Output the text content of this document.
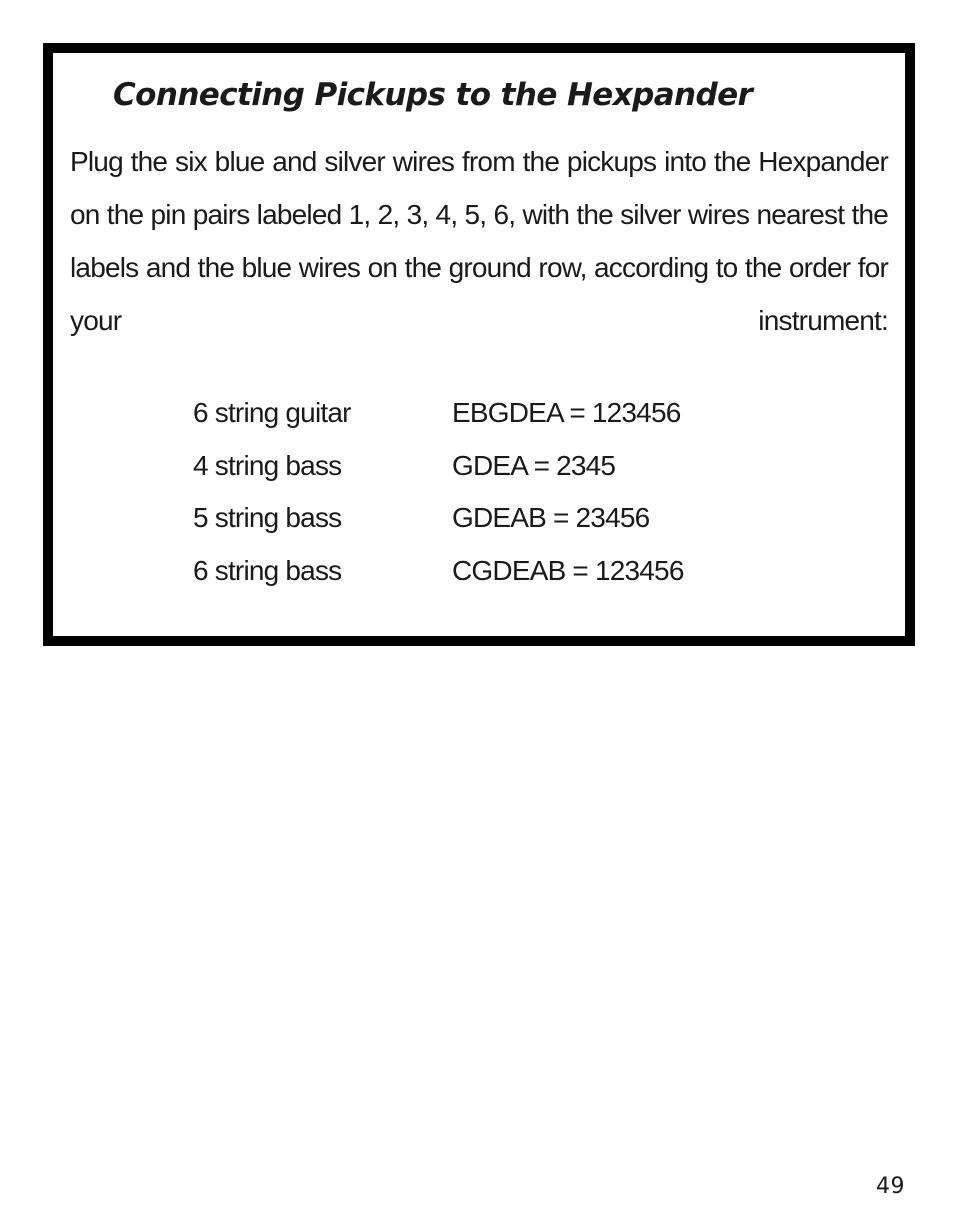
Connecting Pickups to the Hexpander

Plug the six blue and silver wires from the pickups into the Hexpander on the pin pairs labeled 1, 2, 3, 4, 5, 6, with the silver wires nearest the labels and the blue wires on the ground row, according to the order for your instrument:

6 string guitar	EBGDEA = 123456
4 string bass	GDEA = 2345
5 string bass	GDEAB = 23456
6 string bass	CGDEAB = 123456
49
